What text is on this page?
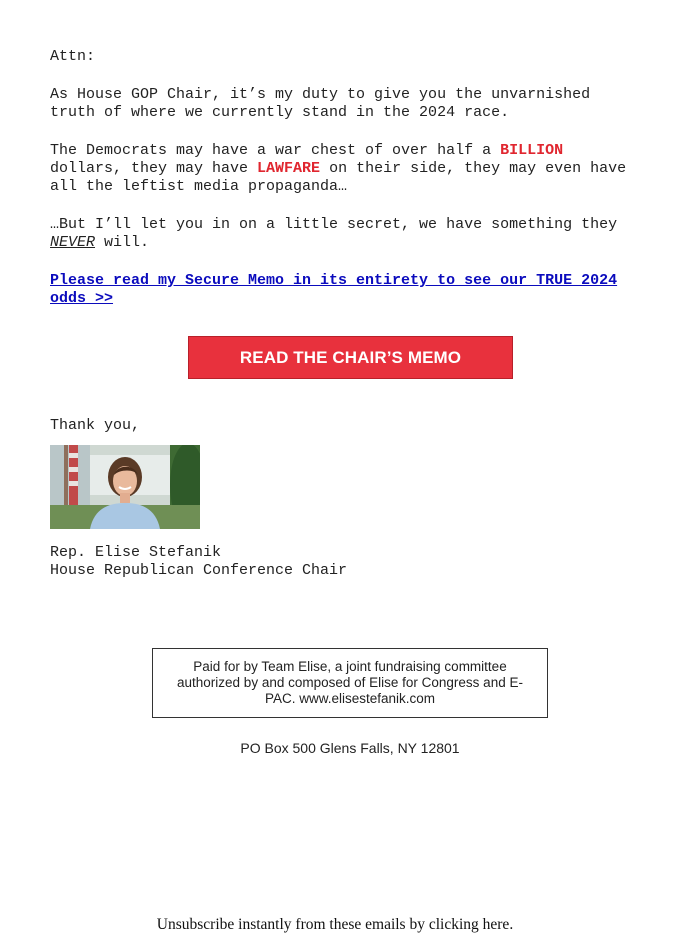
Attn:

As House GOP Chair, it’s my duty to give you the unvarnished truth of where we currently stand in the 2024 race.

The Democrats may have a war chest of over half a BILLION dollars, they may have LAWFARE on their side, they may even have all the leftist media propaganda…

…But I’ll let you in on a little secret, we have something they NEVER will.

Please read my Secure Memo in its entirety to see our TRUE 2024 odds >>

READ THE CHAIR’S MEMO

Thank you,

Rep. Elise Stefanik

House Republican Conference Chair

Paid for by Team Elise, a joint fundraising committee authorized by and composed of Elise for Congress and E-PAC. www.elisestefanik.com
PO Box 500 Glens Falls, NY 12801
Unsubscribe instantly from these emails by clicking here.
